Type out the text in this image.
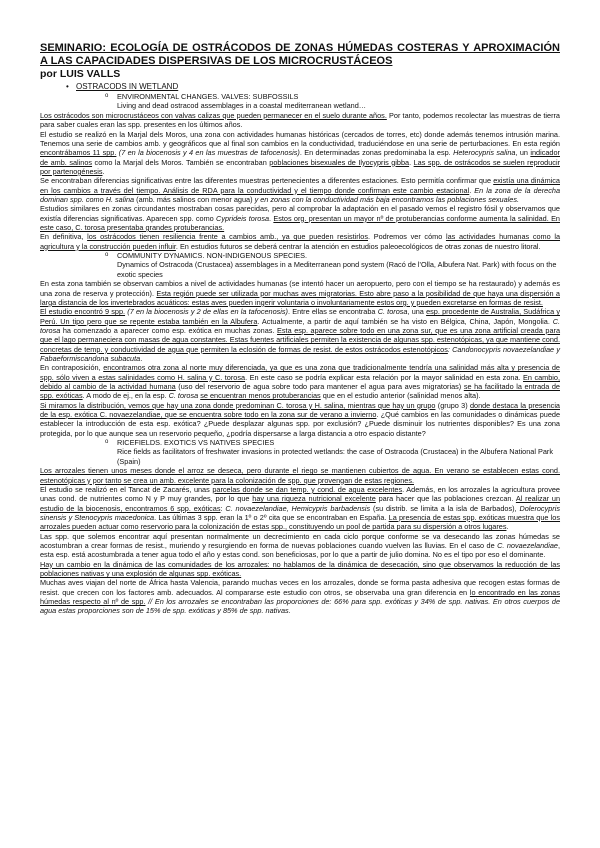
SEMINARIO: ECOLOGÍA DE OSTRÁCODOS DE ZONAS HÚMEDAS COSTERAS Y APROXIMACIÓN A LAS CAPACIDADES DISPERSIVAS DE LOS MICROCRUSTÁCEOS
por LUIS VALLS
• OSTRACODS IN WETLAND
o ENVIRONMENTAL CHANGES. VALVES: SUBFOSSILS
Living and dead ostracod assemblages in a coastal mediterranean wetland…

Los ostrácodos son microcrustáceos con valvas calizas que pueden permanecer en el suelo durante años. Por tanto, podemos recolectar las muestras de tierra para saber cuales eran las spp. presentes en los últimos años.

El estudio se realizó en la Marjal dels Moros, una zona con actividades humanas históricas (cercados de torres, etc) donde además tenemos intrusión marina. Tenemos una serie de cambios amb. y geográficos que al final son cambios en la conductividad, traduciéndose en una serie de perturbaciones. En esta región encontrábamos 11 spp. (7 en la biocenosis y 4 en las muestras de tafocenosis). En determinadas zonas predominaba la esp. Heterocypris salina, un indicador de amb. salinos como la Marjal dels Moros. También se encontraban poblaciones bisexuales de Ilyocypris gibba. Las spp. de ostrácodos se suelen reproducir por partenogénesis.

Se encontraban diferencias significativas entre las diferentes muestras pertenecientes a diferentes estaciones. Esto permitía confirmar que existía una dinámica en los cambios a través del tiempo. Análisis de RDA para la conductividad y el tiempo donde confirman este cambio estacional. En la zona de la derecha dominan spp. como H. salina (amb. más salinos con menor agua) y en zonas con la conductividad más baja encontramos las poblaciones sexuales.

Estudios similares en zonas circundantes mostraban cosas parecidas, pero al comprobar la adaptación en el pasado vemos el registro fósil y observamos que existía diferencias significativas. Aparecen spp. como Cyprideis torosa. Estos org. presentan un mayor nº de protuberancias conforme aumenta la salinidad. En este caso, C. torosa presentaba grandes protuberancias.

En definitiva, los ostrácodos tienen resiliencia frente a cambios amb., ya que pueden resistirlos. Podremos ver cómo las actividades humanas como la agricultura y la construcción pueden influir. En estudios futuros se deberá centrar la atención en estudios paleoecológicos de otras zonas de nuestro litoral.

o COMMUNITY DYNAMICS. NON-INDIGENOUS SPECIES.
Dynamics of Ostracoda (Crustacea) assemblages in a Mediterranean pond system (Racó de l'Olla, Albufera Nat. Park) with focus on the exotic species

En esta zona también se observan cambios a nivel de actividades humanas (se intentó hacer un aeropuerto, pero con el tiempo se ha restaurado) y además es una zona de reserva y protección). Esta región puede ser utilizada por muchas aves migratorias. Esto abre paso a la posibilidad de que haya una dispersión a larga distancia de los invertebrados acuáticos: estas aves pueden ingerir voluntaria o involuntariamente estos org. y pueden excretarse en formas de resist.

El estudio encontró 9 spp. (7 en la biocenosis y 2 de ellas en la tafocenosis). Entre ellas se encontraba C. torosa, una esp. procedente de Australia, Sudáfrica y Perú. Un tipo pero que se repente estaba también en la Albufera. Actualmente, a partir de aquí también se ha visto en Bélgica, China, Japón, Mongolia. C. torosa ha comenzado a aparecer como esp. exótica en muchas zonas. Esta esp. aparece sobre todo en una zona sur, que es una zona artificial creada para que el lago permaneciera con masas de agua constantes. Estas fuentes artificiales permiten la existencia de algunas spp. estenotópicas, ya que mantiene cond. concretas de temp. y conductividad de agua que permiten la eclosión de formas de resist. de estos ostrácodos estenotópicos: Candonocypris novaezelandiae y Fabaeformiscandona subacuta.

En contraposición, encontramos otra zona al norte muy diferenciada, ya que es una zona que tradicionalmente tendría una salinidad más alta y presencia de spp. sólo viven a estas salinidades como H. salina y C. torosa. En este caso se podría explicar esta relación por la mayor salinidad en esta zona. En cambio, debido al cambio de la actividad humana (uso del reservorio de agua sobre todo para mantener el agua para aves migratorias) se ha facilitado la entrada de spp. exóticas. A modo de ej., en la esp. C. torosa se encuentran menos protuberancias que en el estudio anterior (salinidad menos alta).

Si miramos la distribución, vemos que hay una zona donde predominan C. torosa y H. salina, mientras que hay un grupo (grupo 3) donde destaca la presencia de la esp. exótica C. novaezelandiae, que se encuentra sobre todo en la zona sur de verano a invierno. ¿Qué cambios en las comunidades o dinámicas puede establecer la introducción de esta esp. exótica? ¿Puede desplazar algunas spp. por exclusión? ¿Puede disminuir los nutrientes disponibles? Es una zona protegida, por lo que aunque sea un reservorio pequeño, ¿podría dispersarse a larga distancia a otro espacio distante?

o RICEFIELDS. EXOTICS VS NATIVES SPECIES
Rice fields as facilitators of freshwater invasions in protected wetlands: the case of Ostracoda (Crustacea) in the Albufera National Park (Spain)

Los arrozales tienen unos meses donde el arroz se deseca, pero durante el riego se mantienen cubiertos de agua. En verano se establecen estas cond. estenotópicas y por tanto se crea un amb. excelente para la colonización de spp. que provengan de estas regiones.

El estudio se realizó en el Tancat de Zacarés, unas parcelas donde se dan temp. y cond. de agua excelentes. Además, en los arrozales la agricultura provee unas cond. de nutrientes como N y P muy grandes, por lo que hay una riqueza nutricional excelente para hacer que las poblaciones crezcan. Al realizar un estudio de la biocenosis, encontramos 6 spp. exóticas: C. novaezelandiae, Hemicypris barbadensis (su distrib. se limita a la isla de Barbados), Dolerocypris sinensis y Stenocypris macedonica. Las últimas 3 spp. eran la 1º o 2º cita que se encontraban en España. La presencia de estas spp. exóticas muestra que los arrozales pueden actuar como reservorio para la colonización de estas spp., constituyendo un pool de partida para su dispersión a otros lugares.

Las spp. que solemos encontrar aquí presentan normalmente un decrecimiento en cada ciclo porque conforme se va desecando las zonas húmedas se acostumbran a crear formas de resist., muriendo y resurgiendo en forma de nuevas poblaciones cuando vuelven las lluvias. En el caso de C. novaezelandiae, esta esp. está acostumbrada a tener agua todo el año y estas cond. son beneficiosas, por lo que a partir de julio domina. No es el tipo por eso el dominante.

Hay un cambio en la dinámica de las comunidades de los arrozales: no hablamos de la dinámica de desecación, sino que observamos la reducción de las poblaciones nativas y una explosión de algunas spp. exóticas.

Muchas aves viajan del norte de África hasta Valencia, parando muchas veces en los arrozales, donde se forma pasta adhesiva que recogen estas formas de resist. que crecen con los factores amb. adecuados. Al compararse este estudio con otros, se observaba una gran diferencia en lo encontrado en las zonas húmedas respecto al nº de spp. // En los arrozales se encontraban las proporciones de: 66% para spp. exóticas y 34% de spp. nativas. En otros cuerpos de agua estas proporciones son de 15% de spp. exóticas y 85% de spp. nativas.
